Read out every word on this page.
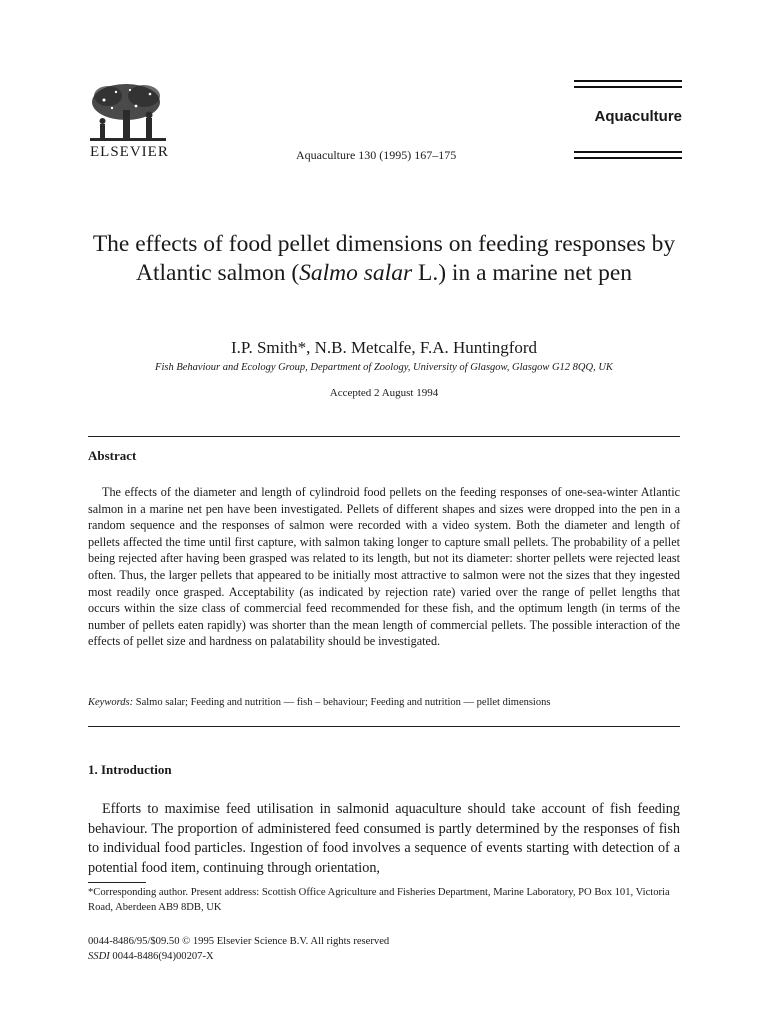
ELSEVIER	Aquaculture 130 (1995) 167–175
Aquaculture
The effects of food pellet dimensions on feeding responses by Atlantic salmon (Salmo salar L.) in a marine net pen
I.P. Smith*, N.B. Metcalfe, F.A. Huntingford
Fish Behaviour and Ecology Group, Department of Zoology, University of Glasgow, Glasgow G12 8QQ, UK
Accepted 2 August 1994
Abstract

The effects of the diameter and length of cylindroid food pellets on the feeding responses of one-sea-winter Atlantic salmon in a marine net pen have been investigated. Pellets of different shapes and sizes were dropped into the pen in a random sequence and the responses of salmon were recorded with a video system. Both the diameter and length of pellets affected the time until first capture, with salmon taking longer to capture small pellets. The probability of a pellet being rejected after having been grasped was related to its length, but not its diameter: shorter pellets were rejected least often. Thus, the larger pellets that appeared to be initially most attractive to salmon were not the sizes that they ingested most readily once grasped. Acceptability (as indicated by rejection rate) varied over the range of pellet lengths that occurs within the size class of commercial feed recommended for these fish, and the optimum length (in terms of the number of pellets eaten rapidly) was shorter than the mean length of commercial pellets. The possible interaction of the effects of pellet size and hardness on palatability should be investigated.

Keywords: Salmo salar; Feeding and nutrition — fish – behaviour; Feeding and nutrition — pellet dimensions
1. Introduction

Efforts to maximise feed utilisation in salmonid aquaculture should take account of fish feeding behaviour. The proportion of administered feed consumed is partly determined by the responses of fish to individual food particles. Ingestion of food involves a sequence of events starting with detection of a potential food item, continuing through orientation,

*Corresponding author. Present address: Scottish Office Agriculture and Fisheries Department, Marine Laboratory, PO Box 101, Victoria Road, Aberdeen AB9 8DB, UK

0044-8486/95/$09.50 © 1995 Elsevier Science B.V. All rights reserved
SSDI 0044-8486(94)00207-X
